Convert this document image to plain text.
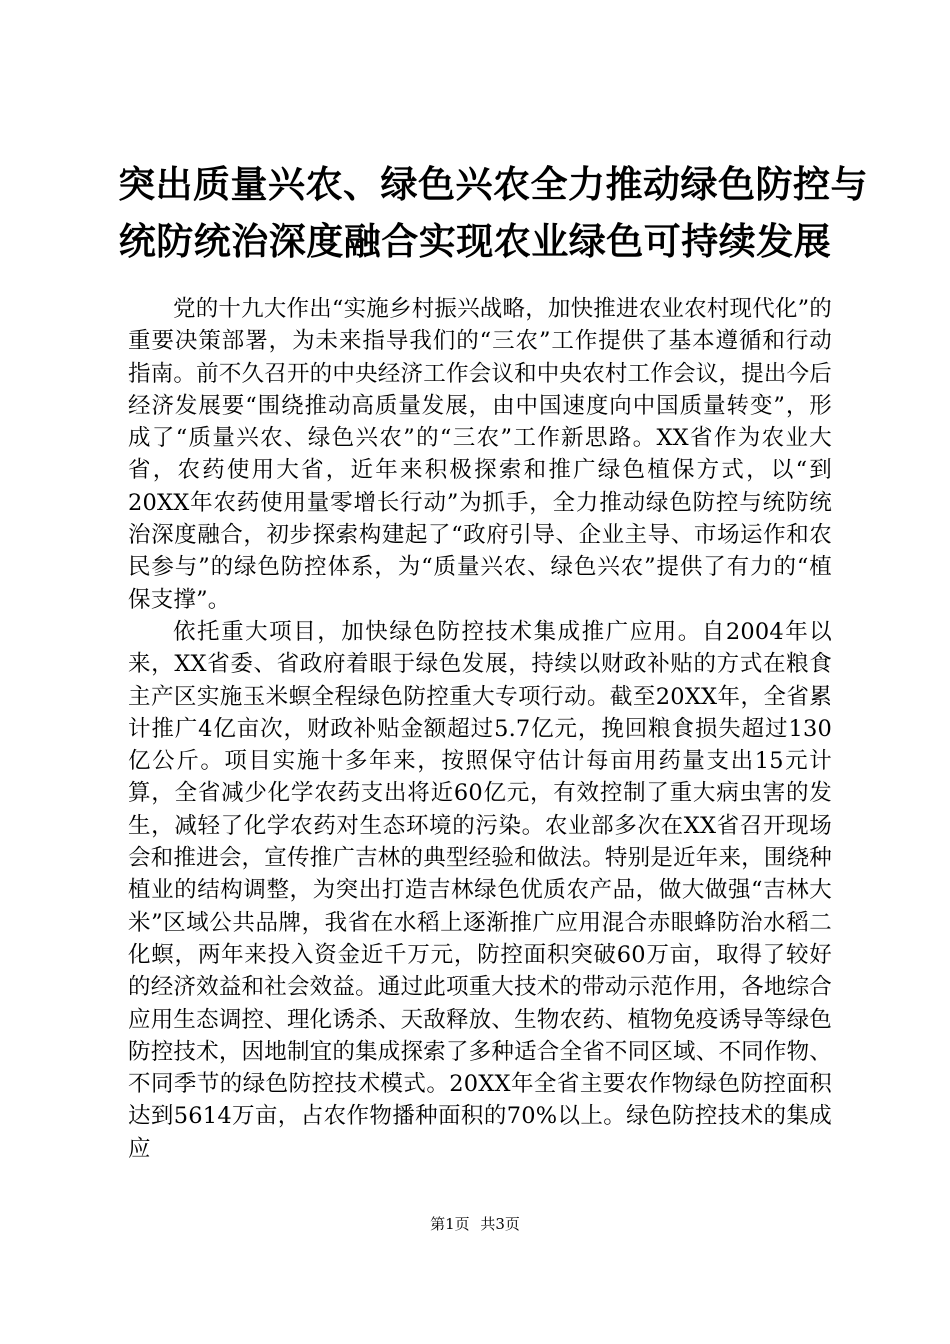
突出质量兴农、绿色兴农全力推动绿色防控与
统防统治深度融合实现农业绿色可持续发展

党的十九大作出“实施乡村振兴战略，加快推进农业农村现代化”的重要决策部署，为未来指导我们的“三农”工作提供了基本遵循和行动指南。前不久召开的中央经济工作会议和中央农村工作会议，提出今后经济发展要“围绕推动高质量发展，由中国速度向中国质量转变”，形成了“质量兴农、绿色兴农”的“三农”工作新思路。XX省作为农业大省，农药使用大省，近年来积极探索和推广绿色植保方式，以“到20XX年农药使用量零增长行动”为抓手，全力推动绿色防控与统防统治深度融合，初步探索构建起了“政府引导、企业主导、市场运作和农民参与”的绿色防控体系，为“质量兴农、绿色兴农”提供了有力的“植保支撑”。

依托重大项目，加快绿色防控技术集成推广应用。自2004年以来，XX省委、省政府着眼于绿色发展，持续以财政补贴的方式在粮食主产区实施玉米螟全程绿色防控重大专项行动。截至20XX年，全省累计推广4亿亩次，财政补贴金额超过5.7亿元，挽回粮食损失超过130亿公斤。项目实施十多年来，按照保守估计每亩用药量支出15元计算，全省减少化学农药支出将近60亿元，有效控制了重大病虫害的发生，减轻了化学农药对生态环境的污染。农业部多次在XX省召开现场会和推进会，宣传推广吉林的典型经验和做法。特别是近年来，围绕种植业的结构调整，为突出打造吉林绿色优质农产品，做大做强“吉林大米”区域公共品牌，我省在水稻上逐渐推广应用混合赤眼蜂防治水稻二化螟，两年来投入资金近千万元，防控面积突破60万亩，取得了较好的经济效益和社会效益。通过此项重大技术的带动示范作用，各地综合应用生态调控、理化诱杀、天敌释放、生物农药、植物免疫诱导等绿色防控技术，因地制宜的集成探索了多种适合全省不同区域、不同作物、不同季节的绿色防控技术模式。20XX年全省主要农作物绿色防控面积达到5614万亩，占农作物播种面积的70%以上。绿色防控技术的集成应

第1页 共3页
